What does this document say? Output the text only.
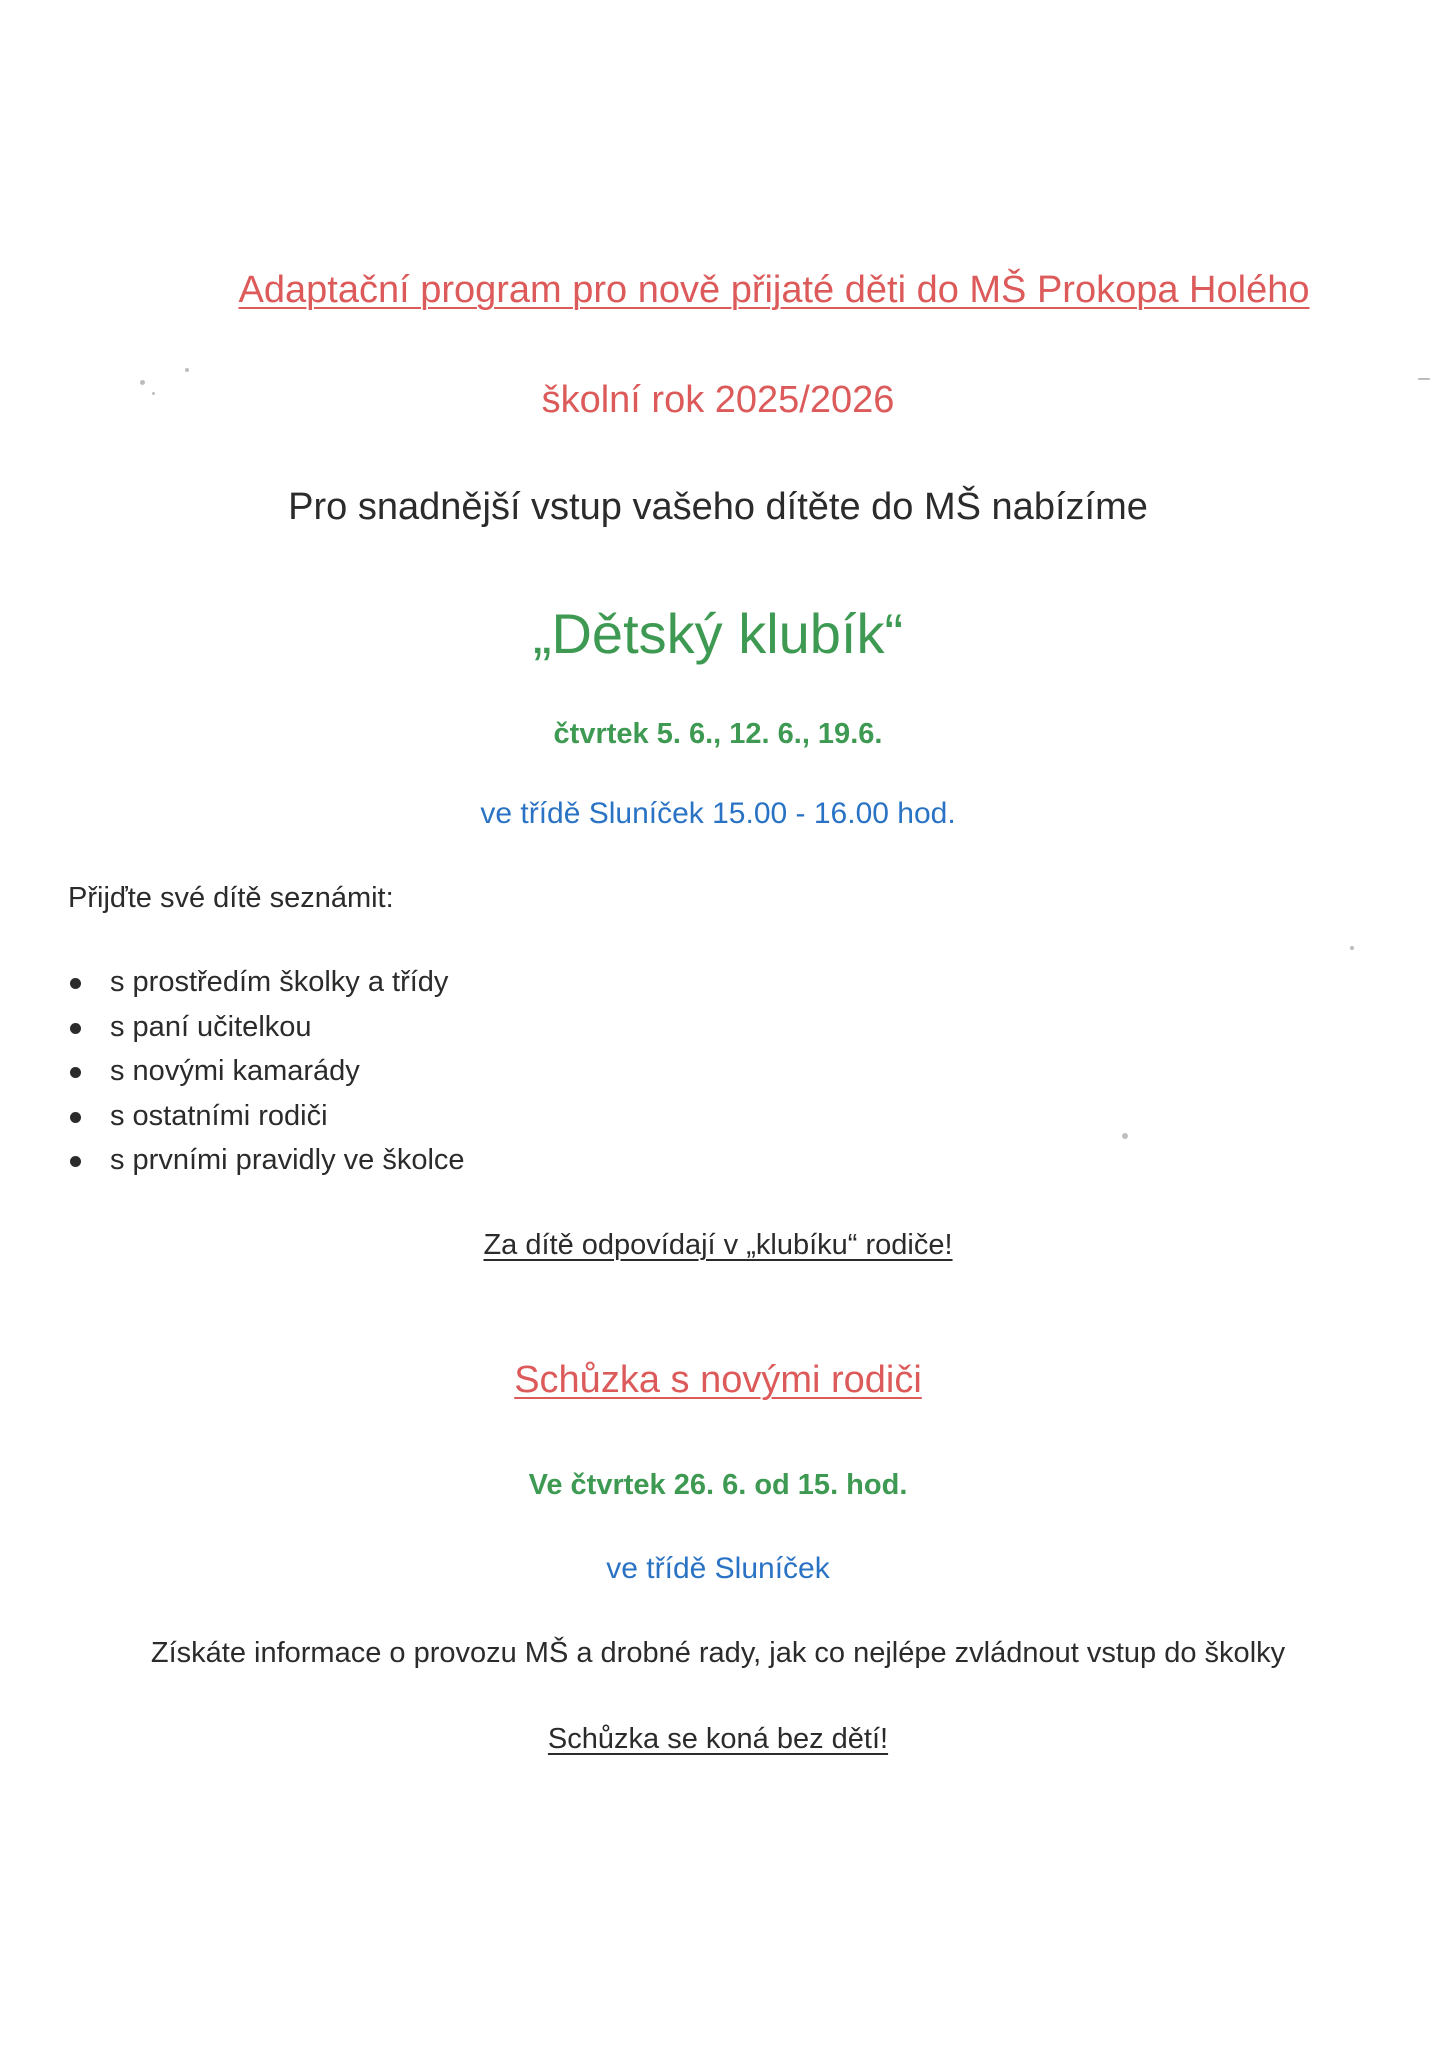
Adaptační program pro nově přijaté děti do MŠ Prokopa Holého
školní rok 2025/2026
Pro snadnější vstup vašeho dítěte do MŠ nabízíme
„Dětský klubík“
čtvrtek 5. 6., 12. 6., 19.6.
ve třídě Sluníček 15.00 - 16.00 hod.
Přijďte své dítě seznámit:
s prostředím školky a třídy
s paní učitelkou
s novými kamarády
s ostatními rodiči
s prvními pravidly ve školce
Za dítě odpovídají v „klubíku“ rodiče!
Schůzka s novými rodiči
Ve čtvrtek 26. 6. od 15. hod.
ve třídě Sluníček
Získáte informace o provozu MŠ a drobné rady, jak co nejlépe zvládnout vstup do školky
Schůzka se koná bez dětí!
